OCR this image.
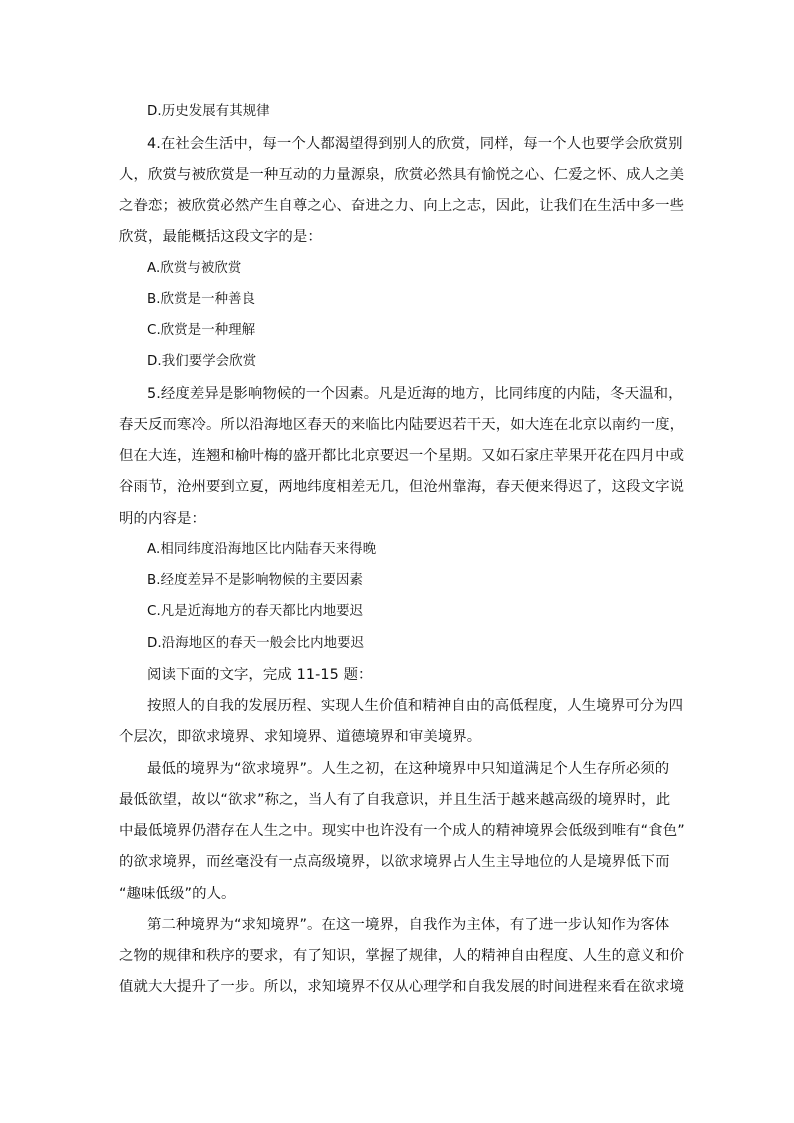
D.历史发展有其规律
4.在社会生活中，每一个人都渴望得到别人的欣赏，同样，每一个人也要学会欣赏别
人，欣赏与被欣赏是一种互动的力量源泉，欣赏必然具有愉悦之心、仁爱之怀、成人之美
之眷恋；被欣赏必然产生自尊之心、奋进之力、向上之志，因此，让我们在生活中多一些
欣赏，最能概括这段文字的是：
A.欣赏与被欣赏
B.欣赏是一种善良
C.欣赏是一种理解
D.我们要学会欣赏
5.经度差异是影响物候的一个因素。凡是近海的地方，比同纬度的内陆，冬天温和，
春天反而寒冷。所以沿海地区春天的来临比内陆要迟若干天，如大连在北京以南约一度，
但在大连，连翘和榆叶梅的盛开都比北京要迟一个星期。又如石家庄苹果开花在四月中或
谷雨节，沧州要到立夏，两地纬度相差无几，但沧州靠海，春天便来得迟了，这段文字说
明的内容是：
A.相同纬度沿海地区比内陆春天来得晚
B.经度差异不是影响物候的主要因素
C.凡是近海地方的春天都比内地要迟
D.沿海地区的春天一般会比内地要迟
阅读下面的文字，完成 11-15 题：
按照人的自我的发展历程、实现人生价值和精神自由的高低程度，人生境界可分为四
个层次，即欲求境界、求知境界、道德境界和审美境界。
最低的境界为“欲求境界”。人生之初，在这种境界中只知道满足个人生存所必须的
最低欲望，故以“欲求”称之，当人有了自我意识，并且生活于越来越高级的境界时，此
中最低境界仍潜存在人生之中。现实中也许没有一个成人的精神境界会低级到唯有“食色”
的欲求境界，而丝毫没有一点高级境界，以欲求境界占人生主导地位的人是境界低下而
“趣味低级”的人。
第二种境界为“求知境界”。在这一境界，自我作为主体，有了进一步认知作为客体
之物的规律和秩序的要求，有了知识，掌握了规律，人的精神自由程度、人生的意义和价
值就大大提升了一步。所以，求知境界不仅从心理学和自我发展的时间进程来看在欲求境
